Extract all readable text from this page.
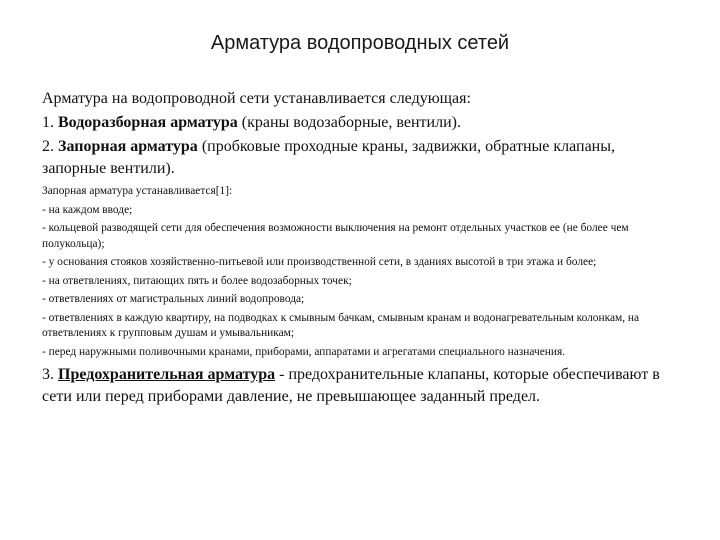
Арматура водопроводных сетей

Арматура на водопроводной сети устанавливается следующая:

1. Водоразборная арматура (краны водозаборные, вентили).

2. Запорная арматура (пробковые проходные краны, задвижки, обратные клапаны, запорные вентили).

Запорная арматура устанавливается[1]:

- на каждом вводе;

- кольцевой разводящей сети для обеспечения возможности выключения на ремонт отдельных участков ее (не более чем полукольца);

- у основания стояков хозяйственно-питьевой или производственной сети, в зданиях высотой в три этажа и более;

- на ответвлениях, питающих пять и более водозаборных точек;

- ответвлениях от магистральных линий водопровода;

- ответвлениях в каждую квартиру, на подводках к смывным бачкам, смывным кранам и водонагревательным колонкам, на ответвлениях к групповым душам и умывальникам;

- перед наружными поливочными кранами, приборами, аппаратами и агрегатами специального назначения.

3. Предохранительная арматура - предохранительные клапаны, которые обеспечивают в сети или перед приборами давление, не превышающее заданный предел.
